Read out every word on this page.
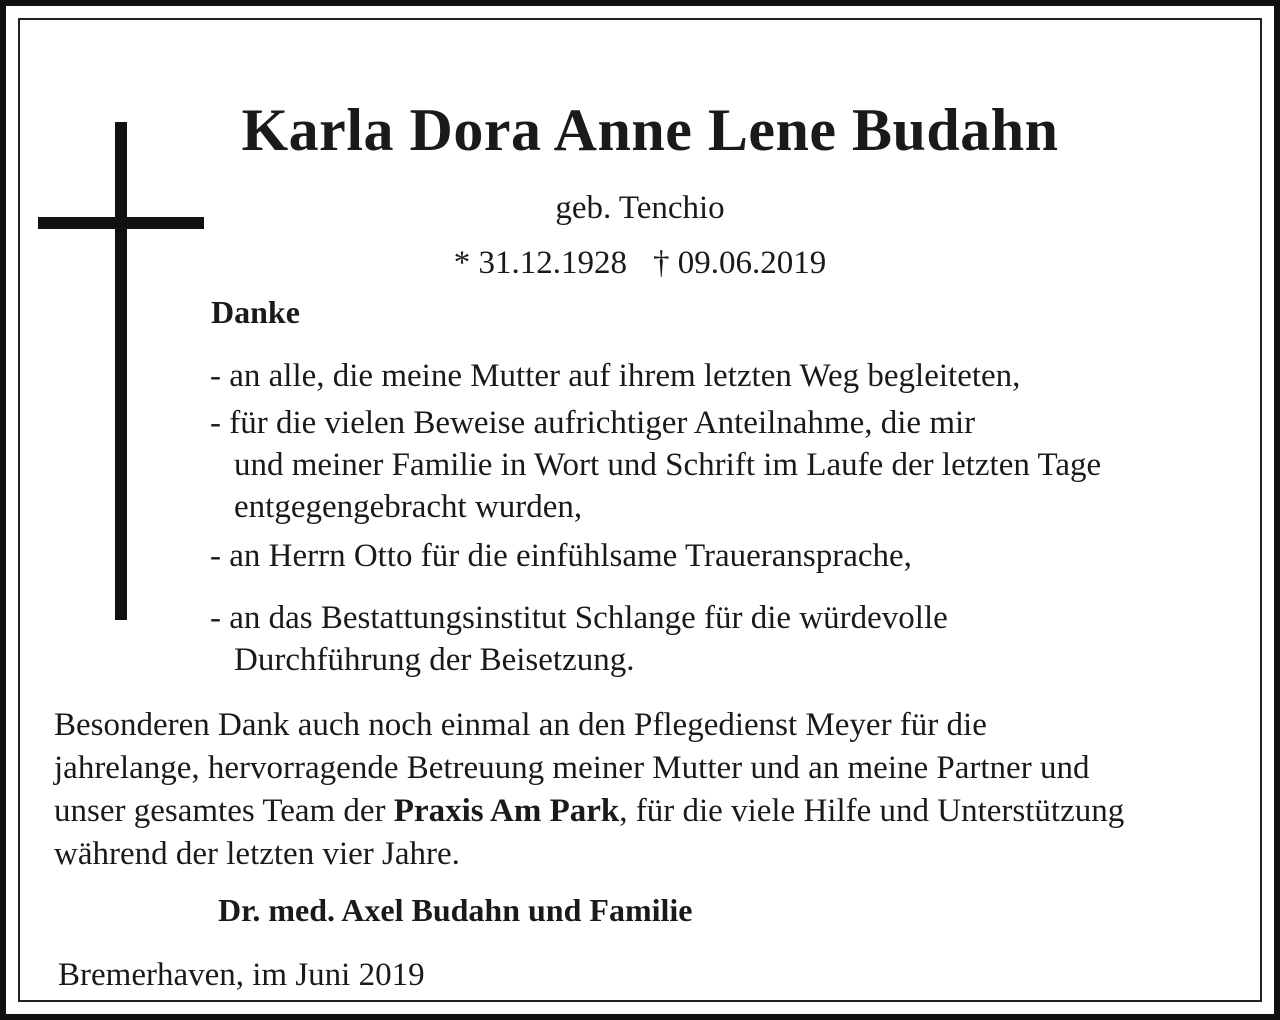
Karla Dora Anne Lene Budahn
geb. Tenchio
* 31.12.1928 † 09.06.2019
Danke
- an alle, die meine Mutter auf ihrem letzten Weg begleiteten,
- für die vielen Beweise aufrichtiger Anteilnahme, die mir
und meiner Familie in Wort und Schrift im Laufe der letzten Tage
entgegengebracht wurden,
- an Herrn Otto für die einfühlsame Traueransprache,
- an das Bestattungsinstitut Schlange für die würdevolle
Durchführung der Beisetzung.
Besonderen Dank auch noch einmal an den Pflegedienst Meyer für die
jahrelange, hervorragende Betreuung meiner Mutter und an meine Partner und
unser gesamtes Team der Praxis Am Park, für die viele Hilfe und Unterstützung
während der letzten vier Jahre.
Dr. med. Axel Budahn und Familie
Bremerhaven, im Juni 2019
